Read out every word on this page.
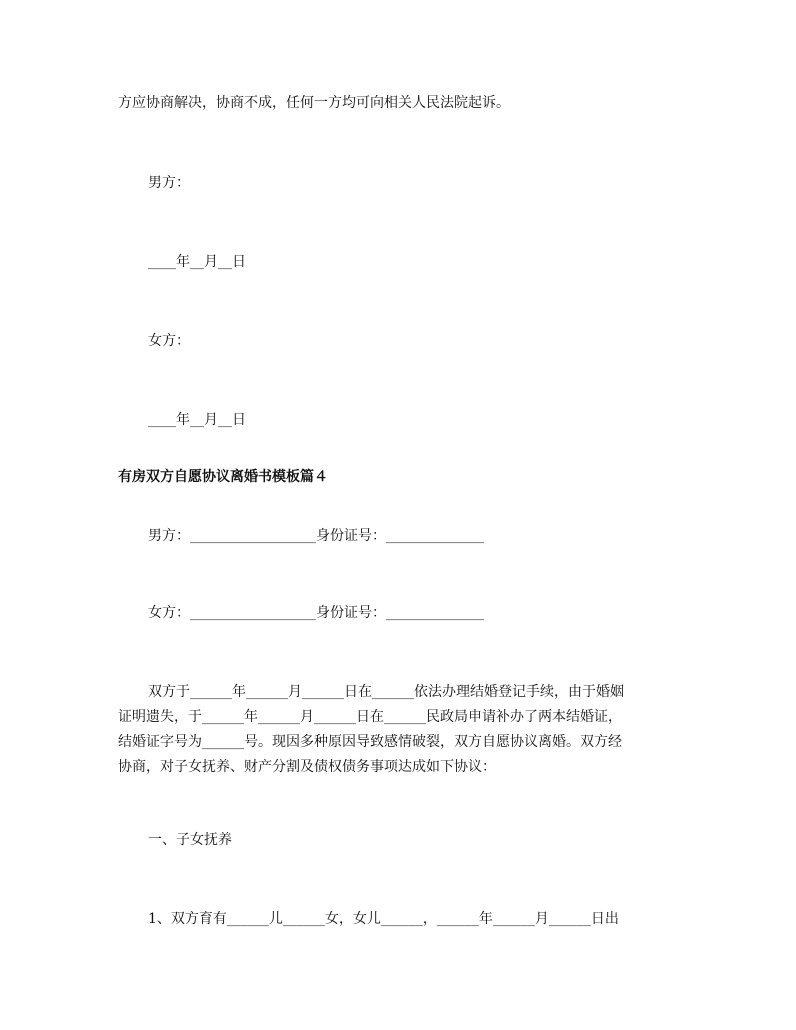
方应协商解决，协商不成，任何一方均可向相关人民法院起诉。
男方：
____年__月__日
女方：
____年__月__日
有房双方自愿协议离婚书模板篇４
男方：__________________身份证号：______________
女方：__________________身份证号：______________
双方于______年______月______日在______依法办理结婚登记手续，由于婚姻
证明遗失，于______年______月______日在______民政局申请补办了两本结婚证，
结婚证字号为______号。现因多种原因导致感情破裂，双方自愿协议离婚。双方经
协商，对子女抚养、财产分割及债权债务事项达成如下协议：
一、子女抚养
1、双方育有______儿______女，女儿______，______年______月______日出
